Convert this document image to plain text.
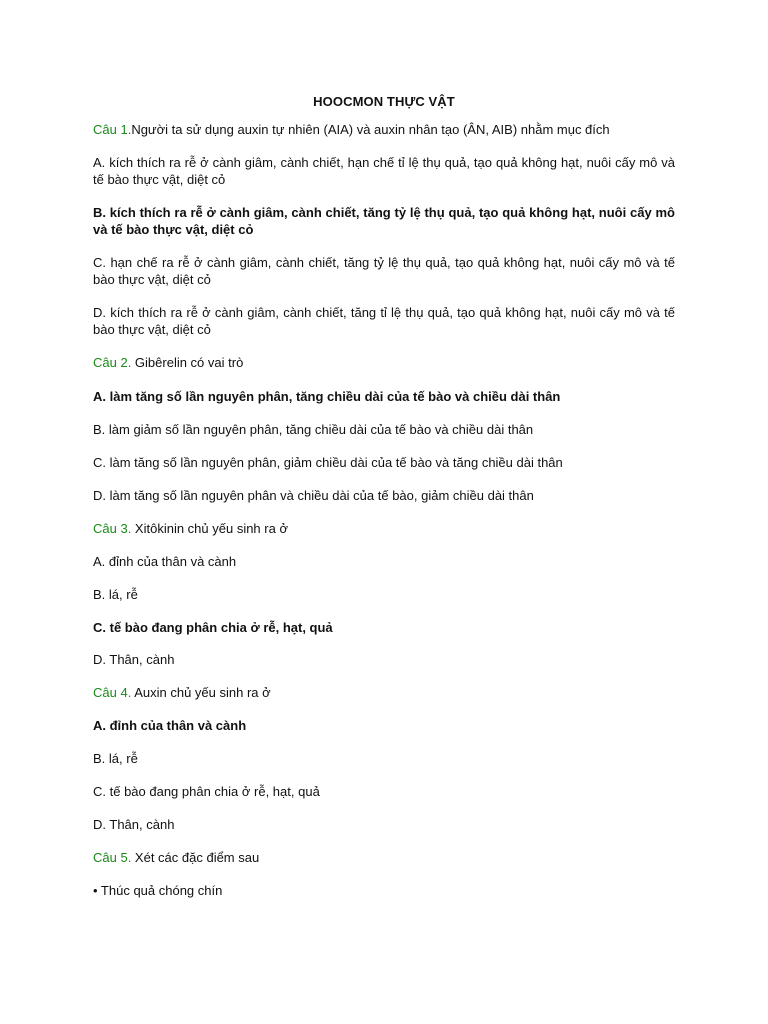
HOOCMON THỰC VẬT
Câu 1.Người ta sử dụng auxin tự nhiên (AIA) và auxin nhân tạo (ÂN, AIB) nhằm mục đích
A. kích thích ra rễ ở cành giâm, cành chiết, hạn chế tỉ lệ thụ quả, tạo quả không hạt, nuôi cấy mô và tế bào thực vật, diệt cỏ
B. kích thích ra rễ ở cành giâm, cành chiết, tăng tỷ lệ thụ quả, tạo quả không hạt, nuôi cấy mô và tế bào thực vật, diệt cỏ
C. hạn chế ra rễ ở cành giâm, cành chiết, tăng tỷ lệ thụ quả, tạo quả không hạt, nuôi cấy mô và tế bào thực vật, diệt cỏ
D. kích thích ra rễ ở cành giâm, cành chiết, tăng tỉ lệ thụ quả, tạo quả không hạt, nuôi cấy mô và tế bào thực vật, diệt cỏ
Câu 2. Gibêrelin có vai trò
A. làm tăng số lần nguyên phân, tăng chiều dài của tế bào và chiều dài thân
B. làm giảm số lần nguyên phân, tăng chiều dài của tế bào và chiều dài thân
C. làm tăng số lần nguyên phân, giảm chiều dài của tế bào và tăng chiều dài thân
D. làm tăng số lần nguyên phân và chiều dài của tế bào, giảm chiều dài thân
Câu 3. Xitôkinin chủ yếu sinh ra ở
A. đỉnh của thân và cành
B. lá, rễ
C. tế bào đang phân chia ở rễ, hạt, quả
D. Thân, cành
Câu 4. Auxin chủ yếu sinh ra ở
A. đỉnh của thân và cành
B. lá, rễ
C. tế bào đang phân chia ở rễ, hạt, quả
D. Thân, cành
Câu 5. Xét các đặc điểm sau
• Thúc quả chóng chín
